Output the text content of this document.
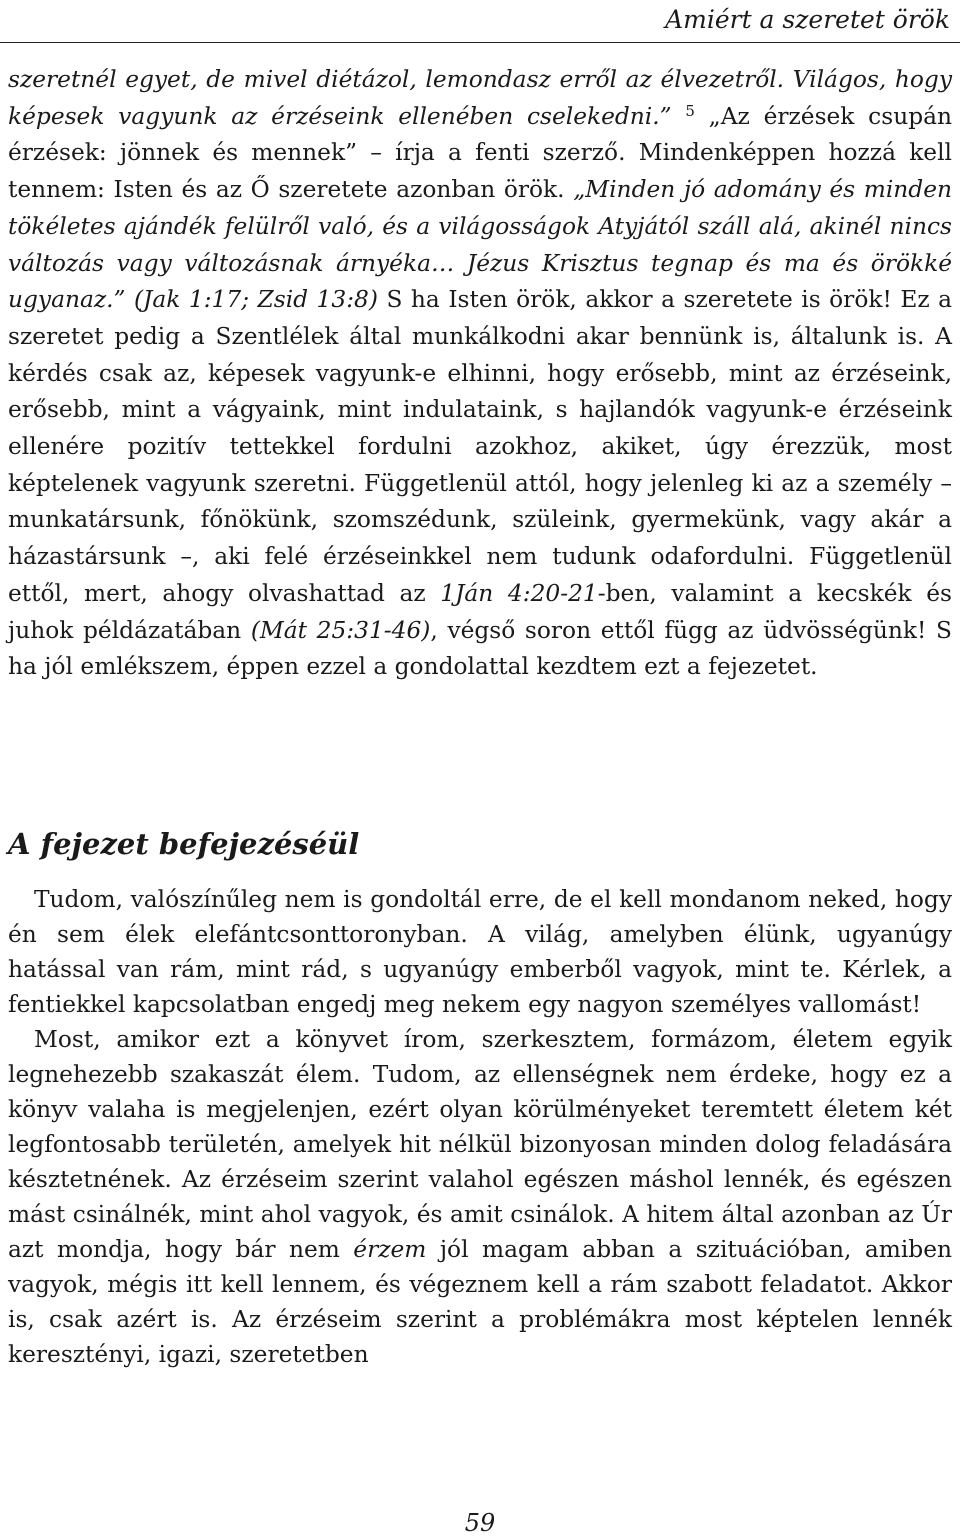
Amiért a szeretet örök

szeretnél egyet, de mivel diétázol, lemondasz erről az élvezetről. Világos, hogy képesek vagyunk az érzéseink ellenében cselekedni.” $^5$ „Az érzések csupán érzések: jönnek és mennek” – írja a fenti szerző. Mindenképpen hozzá kell tennem: Isten és az Ő szeretete azonban örök. „Minden jó adomány és minden tökéletes ajándék felülről való, és a világosságok Atyjától száll alá, akinél nincs változás vagy változásnak árnyéka… Jézus Krisztus tegnap és ma és örökké ugyanaz.” (Jak 1:17; Zsid 13:8) S ha Isten örök, akkor a szeretete is örök! Ez a szeretet pedig a Szentlélek által munkálkodni akar bennünk is, általunk is. A kérdés csak az, képesek vagyunk-e elhinni, hogy erősebb, mint az érzéseink, erősebb, mint a vágyaink, mint indulataink, s hajlandók vagyunk-e érzéseink ellenére pozitív tettekkel fordulni azokhoz, akiket, úgy érezzük, most képtelenek vagyunk szeretni. Függetlenül attól, hogy jelenleg ki az a személy – munkatársunk, főnökünk, szomszédunk, szüleink, gyermekünk, vagy akár a házastársunk –, aki felé érzéseinkkel nem tudunk odafordulni. Függetlenül ettől, mert, ahogy olvashattad az 1Ján 4:20-21-ben, valamint a kecskék és juhok példázatában (Mát 25:31-46), végső soron ettől függ az üdvösségünk! S ha jól emlékszem, éppen ezzel a gondolattal kezdtem ezt a fejezetet.

A fejezet befejezéséül

Tudom, valószínűleg nem is gondoltál erre, de el kell mondanom neked, hogy én sem élek elefántcsonttoronyban. A világ, amelyben élünk, ugyanúgy hatással van rám, mint rád, s ugyanúgy emberből vagyok, mint te. Kérlek, a fentiekkel kapcsolatban engedj meg nekem egy nagyon személyes vallomást!

Most, amikor ezt a könyvet írom, szerkesztem, formázom, életem egyik legnehezebb szakaszát élem. Tudom, az ellenségnek nem érdeke, hogy ez a könyv valaha is megjelenjen, ezért olyan körülményeket teremtett életem két legfontosabb területén, amelyek hit nélkül bizonyosan minden dolog feladására késztetnének. Az érzéseim szerint valahol egészen máshol lennék, és egészen mást csinálnék, mint ahol vagyok, és amit csinálok. A hitem által azonban az Úr azt mondja, hogy bár nem érzem jól magam abban a szituációban, amiben vagyok, mégis itt kell lennem, és végeznem kell a rám szabott feladatot. Akkor is, csak azért is. Az érzéseim szerint a problémákra most képtelen lennék keresztényi, igazi, szeretetben

59
